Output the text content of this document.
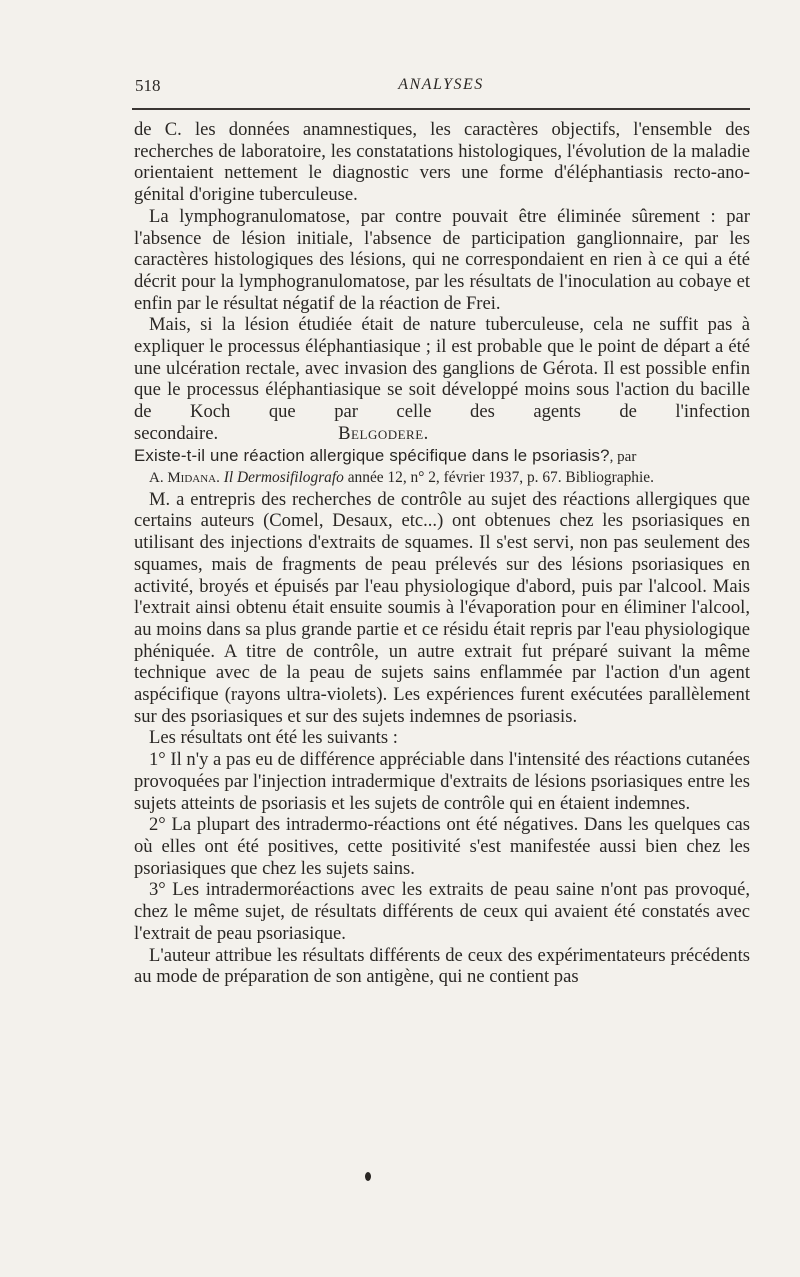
518	ANALYSES

de C. les données anamnestiques, les caractères objectifs, l'ensemble des recherches de laboratoire, les constatations histologiques, l'évolution de la maladie orientaient nettement le diagnostic vers une forme d'éléphantiasis recto-ano-génital d'origine tuberculeuse.

La lymphogranulomatose, par contre pouvait être éliminée sûrement : par l'absence de lésion initiale, l'absence de participation ganglionnaire, par les caractères histologiques des lésions, qui ne correspondaient en rien à ce qui a été décrit pour la lymphogranulomatose, par les résultats de l'inoculation au cobaye et enfin par le résultat négatif de la réaction de Frei.

Mais, si la lésion étudiée était de nature tuberculeuse, cela ne suffit pas à expliquer le processus éléphantiasique ; il est probable que le point de départ a été une ulcération rectale, avec invasion des ganglions de Gérota. Il est possible enfin que le processus éléphantiasique se soit développé moins sous l'action du bacille de Koch que par celle des agents de l'infection secondaire.	Belgodere.

Existe-t-il une réaction allergique spécifique dans le psoriasis?, par

A. Midana. Il Dermosifilografo année 12, n° 2, février 1937, p. 67. Bibliographie.

M. a entrepris des recherches de contrôle au sujet des réactions allergiques que certains auteurs (Comel, Desaux, etc...) ont obtenues chez les psoriasiques en utilisant des injections d'extraits de squames. Il s'est servi, non pas seulement des squames, mais de fragments de peau prélevés sur des lésions psoriasiques en activité, broyés et épuisés par l'eau physiologique d'abord, puis par l'alcool. Mais l'extrait ainsi obtenu était ensuite soumis à l'évaporation pour en éliminer l'alcool, au moins dans sa plus grande partie et ce résidu était repris par l'eau physiologique phéniquée. A titre de contrôle, un autre extrait fut préparé suivant la même technique avec de la peau de sujets sains enflammée par l'action d'un agent aspécifique (rayons ultra-violets). Les expériences furent exécutées parallèlement sur des psoriasiques et sur des sujets indemnes de psoriasis.

Les résultats ont été les suivants :

1° Il n'y a pas eu de différence appréciable dans l'intensité des réactions cutanées provoquées par l'injection intradermique d'extraits de lésions psoriasiques entre les sujets atteints de psoriasis et les sujets de contrôle qui en étaient indemnes.

2° La plupart des intradermo-réactions ont été négatives. Dans les quelques cas où elles ont été positives, cette positivité s'est manifestée aussi bien chez les psoriasiques que chez les sujets sains.

3° Les intradermoréactions avec les extraits de peau saine n'ont pas provoqué, chez le même sujet, de résultats différents de ceux qui avaient été constatés avec l'extrait de peau psoriasique.

L'auteur attribue les résultats différents de ceux des expérimentateurs précédents au mode de préparation de son antigène, qui ne contient pas
